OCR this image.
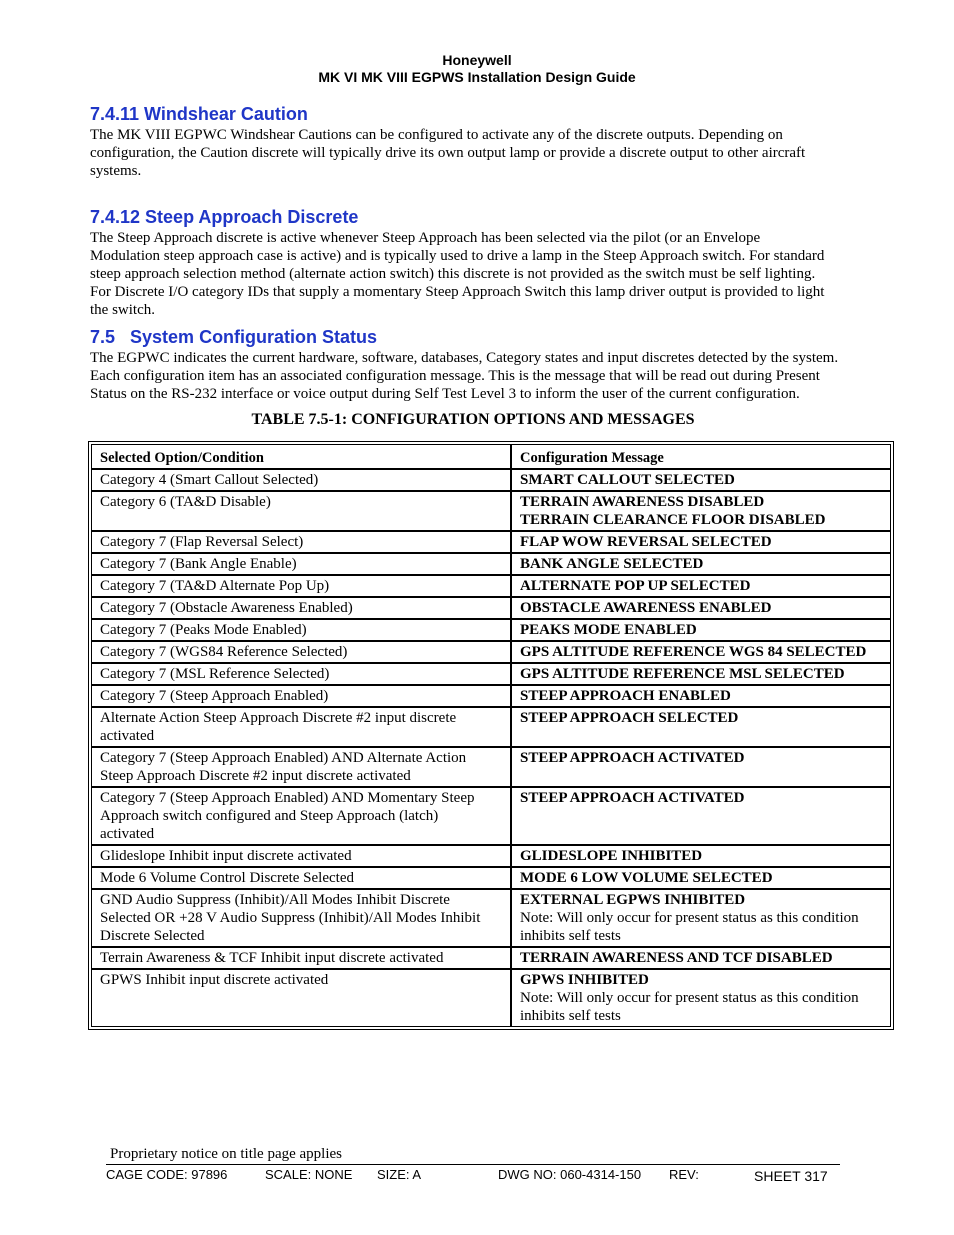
Honeywell
MK VI MK VIII EGPWS Installation Design Guide
7.4.11 Windshear Caution
The MK VIII EGPWC Windshear Cautions can be configured to activate any of the discrete outputs. Depending on
configuration, the Caution discrete will typically drive its own output lamp or provide a discrete output to other aircraft
systems.
7.4.12 Steep Approach Discrete
The Steep Approach discrete is active whenever Steep Approach has been selected via the pilot (or an Envelope
Modulation steep approach case is active) and is typically used to drive a lamp in the Steep Approach switch. For standard
steep approach selection method (alternate action switch) this discrete is not provided as the switch must be self lighting.
For Discrete I/O category IDs that supply a momentary Steep Approach Switch this lamp driver output is provided to light
the switch.
7.5   System Configuration Status
The EGPWC indicates the current hardware, software, databases, Category states and input discretes detected by the system.
Each configuration item has an associated configuration message. This is the message that will be read out during Present
Status on the RS-232 interface or voice output during Self Test Level 3 to inform the user of the current configuration.
TABLE 7.5-1: CONFIGURATION OPTIONS AND MESSAGES
Selected Option/Condition	Configuration Message
Category 4 (Smart Callout Selected)	SMART CALLOUT SELECTED

Category 6 (TA&D Disable)	TERRAIN AWARENESS DISABLED
TERRAIN CLEARANCE FLOOR DISABLED

Category 7 (Flap Reversal Select)	FLAP WOW REVERSAL SELECTED

Category 7 (Bank Angle Enable)	BANK ANGLE SELECTED

Category 7 (TA&D Alternate Pop Up)	ALTERNATE POP UP SELECTED

Category 7 (Obstacle Awareness Enabled)	OBSTACLE AWARENESS ENABLED

Category 7 (Peaks Mode Enabled)	PEAKS MODE ENABLED

Category 7 (WGS84 Reference Selected)	GPS ALTITUDE REFERENCE WGS 84 SELECTED

Category 7 (MSL Reference Selected)	GPS ALTITUDE REFERENCE MSL SELECTED

Category 7 (Steep Approach Enabled)	STEEP APPROACH ENABLED

Alternate Action Steep Approach Discrete #2 input discrete
activated	STEEP APPROACH SELECTED

Category 7 (Steep Approach Enabled) AND Alternate Action
Steep Approach Discrete #2 input discrete activated	STEEP APPROACH ACTIVATED

Category 7 (Steep Approach Enabled) AND Momentary Steep
Approach switch configured and Steep Approach (latch)
activated	STEEP APPROACH ACTIVATED

Glideslope Inhibit input discrete activated	GLIDESLOPE INHIBITED

Mode 6 Volume Control Discrete Selected	MODE 6 LOW VOLUME SELECTED

GND Audio Suppress (Inhibit)/All Modes Inhibit Discrete
Selected OR +28 V Audio Suppress (Inhibit)/All Modes Inhibit
Discrete Selected	EXTERNAL EGPWS INHIBITED
Note: Will only occur for present status as this condition
inhibits self tests

Terrain Awareness & TCF Inhibit input discrete activated	TERRAIN AWARENESS AND TCF DISABLED

GPWS Inhibit input discrete activated	GPWS INHIBITED
Note: Will only occur for present status as this condition
inhibits self tests
Proprietary notice on title page applies
CAGE CODE: 97896	SCALE: NONE SIZE: A	DWG NO: 060-4314-150 REV:	SHEET 317
